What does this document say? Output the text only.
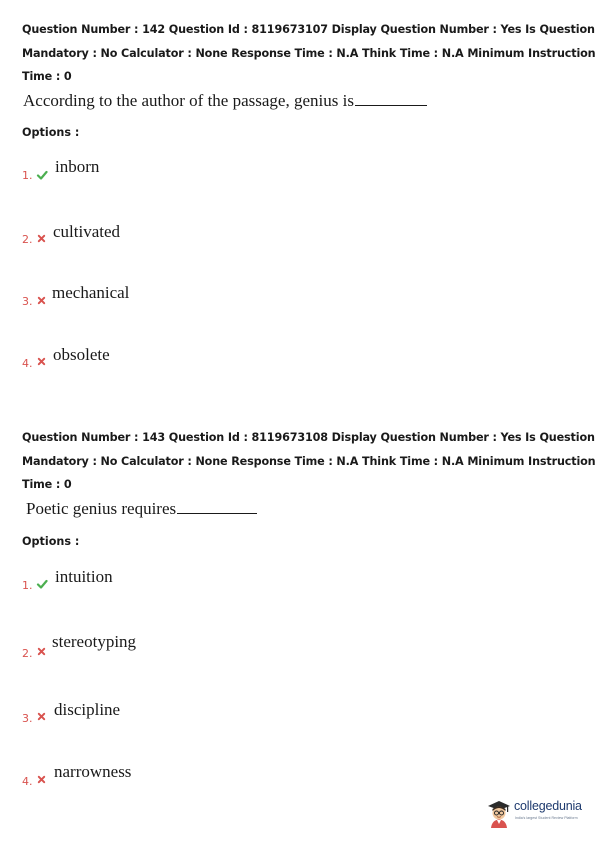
Question Number : 142 Question Id : 8119673107 Display Question Number : Yes Is Question
Mandatory : No Calculator : None Response Time : N.A Think Time : N.A Minimum Instruction
Time : 0
According to the author of the passage, genius is
Options :
1. inborn
2. cultivated
3. mechanical
4. obsolete
Question Number : 143 Question Id : 8119673108 Display Question Number : Yes Is Question
Mandatory : No Calculator : None Response Time : N.A Think Time : N.A Minimum Instruction
Time : 0
Poetic genius requires
Options :
1. intuition
2.
stereotyping
3. discipline
4.
narrowness
collegedunia
India's largest Student Review Platform
